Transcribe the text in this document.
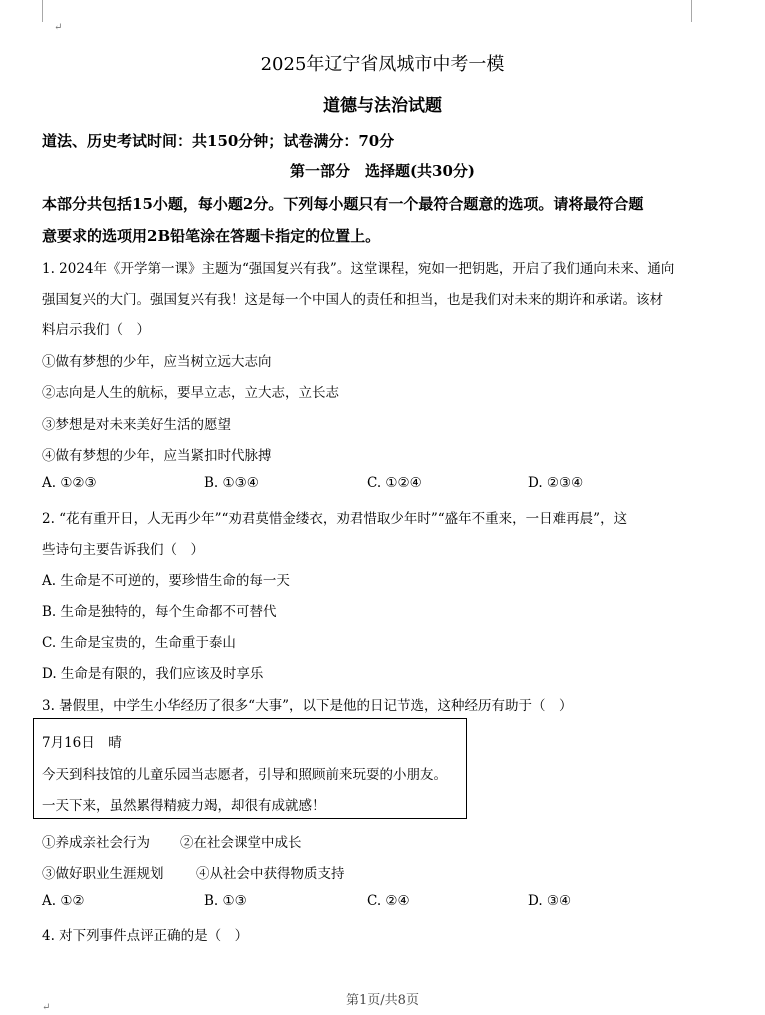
↵
↵
2025年辽宁省凤城市中考一模
道德与法治试题
道法、历史考试时间：共150分钟；试卷满分：70分
第一部分　选择题(共30分)
本部分共包括15小题，每小题2分。下列每小题只有一个最符合题意的选项。请将最符合题
意要求的选项用2B铅笔涂在答题卡指定的位置上。
1. 2024年《开学第一课》主题为“强国复兴有我”。这堂课程，宛如一把钥匙，开启了我们通向未来、通向
强国复兴的大门。强国复兴有我！这是每一个中国人的责任和担当，也是我们对未来的期许和承诺。该材
料启示我们（　）
①做有梦想的少年，应当树立远大志向
②志向是人生的航标，要早立志，立大志，立长志
③梦想是对未来美好生活的愿望
④做有梦想的少年，应当紧扣时代脉搏
A. ①②③	B. ①③④	C. ①②④	D. ②③④
2. “花有重开日，人无再少年”“劝君莫惜金缕衣，劝君惜取少年时”“盛年不重来，一日难再晨”，这
些诗句主要告诉我们（　）
A. 生命是不可逆的，要珍惜生命的每一天
B. 生命是独特的，每个生命都不可替代
C. 生命是宝贵的，生命重于泰山
D. 生命是有限的，我们应该及时享乐
3. 暑假里，中学生小华经历了很多“大事”，以下是他的日记节选，这种经历有助于（　）
7月16日　晴
今天到科技馆的儿童乐园当志愿者，引导和照顾前来玩耍的小朋友。
一天下来，虽然累得精疲力竭，却很有成就感！
①养成亲社会行为 ②在社会课堂中成长
③做好职业生涯规划 ④从社会中获得物质支持
A. ①②	B. ①③	C. ②④	D. ③④
4. 对下列事件点评正确的是（　）
第1页/共8页
